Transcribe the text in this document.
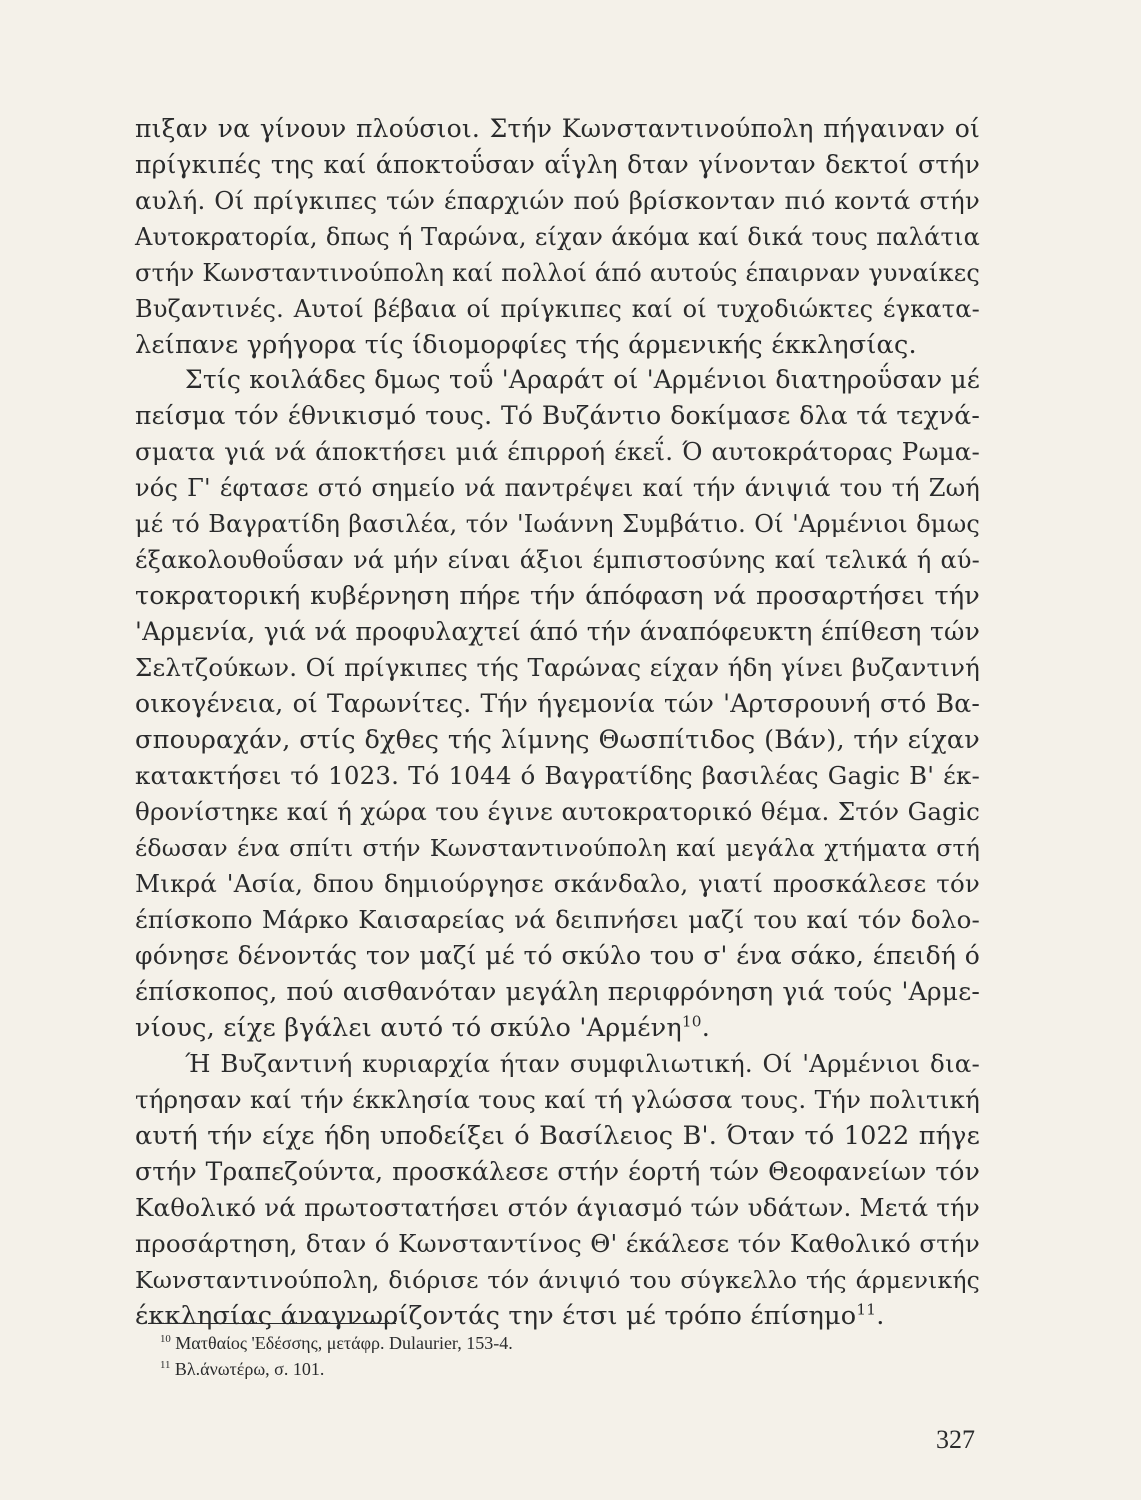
πιξαν να γίνουν πλούσιοι. Στήν Κωνσταντινούπολη πήγαιναν οί
πρίγκιπές της καί άποκτοΰσαν αΐγλη δταν γίνονταν δεκτοί στήν
αυλή. Οί πρίγκιπες τών έπαρχιών πού βρίσκονταν πιό κοντά στήν
Αυτοκρατορία, δπως ή Ταρώνα, είχαν άκόμα καί δικά τους παλάτια
στήν Κωνσταντινούπολη καί πολλοί άπό αυτούς έπαιρναν γυναίκες
Βυζαντινές. Αυτοί βέβαια οί πρίγκιπες καί οί τυχοδιώκτες έγκατα-
λείπανε γρήγορα τίς ίδιομορφίες τής άρμενικής έκκλησίας.
Στίς κοιλάδες δμως τοΰ 'Αραράτ οί 'Αρμένιοι διατηροΰσαν μέ
πείσμα τόν έθνικισμό τους. Τό Βυζάντιο δοκίμασε δλα τά τεχνά-
σματα γιά νά άποκτήσει μιά έπιρροή έκεΐ. Ό αυτοκράτορας Ρωμα-
νός Γ' έφτασε στό σημείο νά παντρέψει καί τήν άνιψιά του τή Ζωή
μέ τό Βαγρατίδη βασιλέα, τόν 'Ιωάννη Συμβάτιο. Οί 'Αρμένιοι δμως
έξακολουθοΰσαν νά μήν είναι άξιοι έμπιστοσύνης καί τελικά ή αύ-
τοκρατορική κυβέρνηση πήρε τήν άπόφαση νά προσαρτήσει τήν
'Αρμενία, γιά νά προφυλαχτεί άπό τήν άναπόφευκτη έπίθεση τών
Σελτζούκων. Οί πρίγκιπες τής Ταρώνας είχαν ήδη γίνει βυζαντινή
οικογένεια, οί Ταρωνίτες. Τήν ήγεμονία τών 'Αρτσρουνή στό Βα-
σπουραχάν, στίς δχθες τής λίμνης Θωσπίτιδος (Βάν), τήν είχαν
κατακτήσει τό 1023. Τό 1044 ό Βαγρατίδης βασιλέας Gagic Β' έκ-
θρονίστηκε καί ή χώρα του έγινε αυτοκρατορικό θέμα. Στόν Gagic
έδωσαν ένα σπίτι στήν Κωνσταντινούπολη καί μεγάλα χτήματα στή
Μικρά 'Ασία, δπου δημιούργησε σκάνδαλο, γιατί προσκάλεσε τόν
έπίσκοπο Μάρκο Καισαρείας νά δειπνήσει μαζί του καί τόν δολο-
φόνησε δένοντάς τον μαζί μέ τό σκύλο του σ' ένα σάκο, έπειδή ό
έπίσκοπος, πού αισθανόταν μεγάλη περιφρόνηση γιά τούς 'Αρμε-
νίους, είχε βγάλει αυτό τό σκύλο 'Αρμένη$^{10}$.
Ή Βυζαντινή κυριαρχία ήταν συμφιλιωτική. Οί 'Αρμένιοι δια-
τήρησαν καί τήν έκκλησία τους καί τή γλώσσα τους. Τήν πολιτική
αυτή τήν είχε ήδη υποδείξει ό Βασίλειος Β'. Όταν τό 1022 πήγε
στήν Τραπεζούντα, προσκάλεσε στήν έορτή τών Θεοφανείων τόν
Καθολικό νά πρωτοστατήσει στόν άγιασμό τών υδάτων. Μετά τήν
προσάρτηση, δταν ό Κωνσταντίνος Θ' έκάλεσε τόν Καθολικό στήν
Κωνσταντινούπολη, διόρισε τόν άνιψιό του σύγκελλο τής άρμενικής
έκκλησίας άναγνωρίζοντάς την έτσι μέ τρόπο έπίσημο$^{11}$.
$^{10}$ Ματθαίος 'Εδέσσης, μετάφρ. Dulaurier, 153-4.
$^{11}$ Βλ.άνωτέρω, σ. 101.
327
